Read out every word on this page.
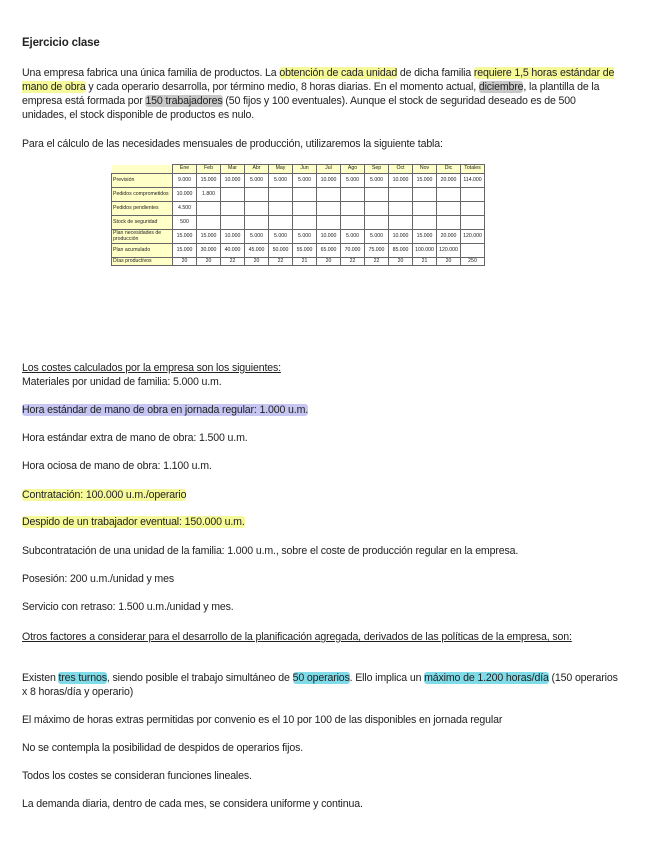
Ejercicio clase
Una empresa fabrica una única familia de productos. La obtención de cada unidad de dicha familia requiere 1,5 horas estándar de mano de obra y cada operario desarrolla, por término medio, 8 horas diarias. En el momento actual, diciembre, la plantilla de la empresa está formada por 150 trabajadores (50 fijos y 100 eventuales). Aunque el stock de seguridad deseado es de 500 unidades, el stock disponible de productos es nulo.
Para el cálculo de las necesidades mensuales de producción, utilizaremos la siguiente tabla:
	Ene	Feb	Mar	Abr	May	Jun	Jul	Ago	Sep	Oct	Nov	Dic	Totales
Previsión	9.000	15.000	10.000	5.000	5.000	5.000	10.000	5.000	5.000	10.000	15.000	20.000	114.000
Pedidos comprometidos	10.000	1.800											
Pedidos pendientes	4.500												
Stock de seguridad	500												
Plan necesidades de producción	15.000	15.000	10.000	5.000	5.000	5.000	10.000	5.000	5.000	10.000	15.000	20.000	120.000
Plan acumulado	15.000	30.000	40.000	45.000	50.000	55.000	65.000	70.000	75.000	85.000	100.000	120.000	
Días productivos	20	20	22	20	22	21	20	22	22	20	21	20	250
Los costes calculados por la empresa son los siguientes:
Materiales por unidad de familia: 5.000 u.m.
Hora estándar de mano de obra en jornada regular: 1.000 u.m.
Hora estándar extra de mano de obra: 1.500 u.m.
Hora ociosa de mano de obra: 1.100 u.m.
Contratación: 100.000 u.m./operario
Despido de un trabajador eventual: 150.000 u.m.
Subcontratación de una unidad de la familia: 1.000 u.m., sobre el coste de producción regular en la empresa.
Posesión: 200 u.m./unidad y mes
Servicio con retraso: 1.500 u.m./unidad y mes.
Otros factores a considerar para el desarrollo de la planificación agregada, derivados de las políticas de la empresa, son:
Existen tres turnos, siendo posible el trabajo simultáneo de 50 operarios. Ello implica un máximo de 1.200 horas/día (150 operarios x 8 horas/día y operario)
El máximo de horas extras permitidas por convenio es el 10 por 100 de las disponibles en jornada regular
No se contempla la posibilidad de despidos de operarios fijos.
Todos los costes se consideran funciones lineales.
La demanda diaria, dentro de cada mes, se considera uniforme y continua.
